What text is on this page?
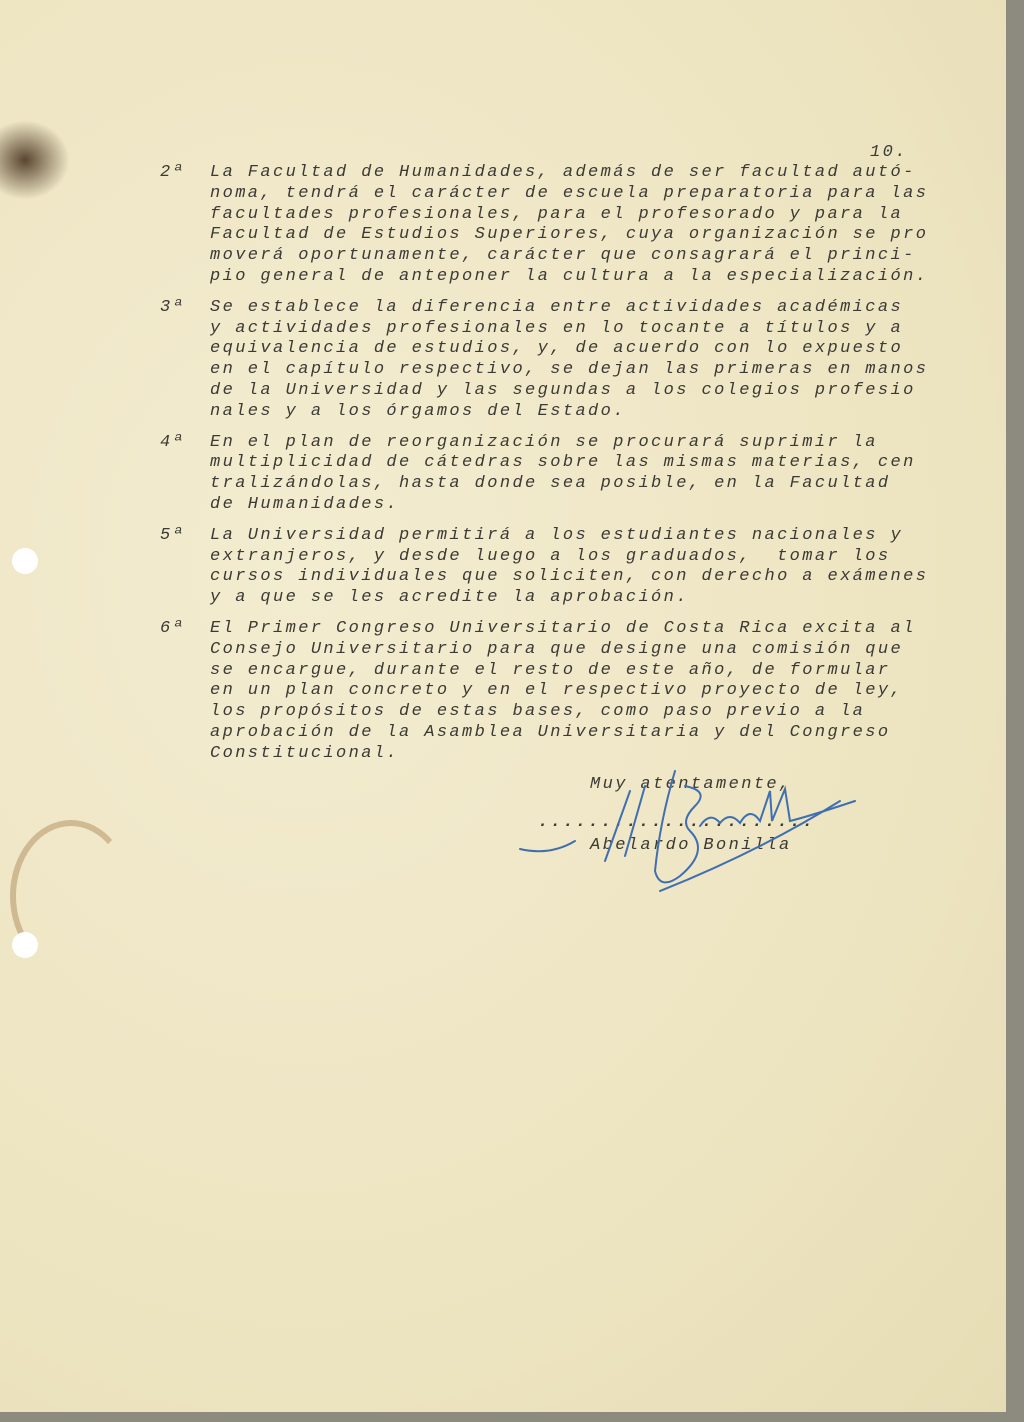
10.
2ª	La Facultad de Humanidades, además de ser facultad autó-
noma, tendrá el carácter de escuela preparatoria para las
facultades profesionales, para el profesorado y para la
Facultad de Estudios Superiores, cuya organización se pro
moverá oportunamente, carácter que consagrará el princi-
pio general de anteponer la cultura a la especialización.
3ª	Se establece la diferencia entre actividades académicas
y actividades profesionales en lo tocante a títulos y a
equivalencia de estudios, y, de acuerdo con lo expuesto
en el capítulo respectivo, se dejan las primeras en manos
de la Universidad y las segundas a los colegios profesio
nales y a los órgamos del Estado.
4ª	En el plan de reorganización se procurará suprimir la
multiplicidad de cátedras sobre las mismas materias, cen
tralizándolas, hasta donde sea posible, en la Facultad
de Humanidades.
5ª	La Universidad permitirá a los estudiantes nacionales y
extranjeros, y desde luego a los graduados,  tomar los
cursos individuales que soliciten, con derecho a exámenes
y a que se les acredite la aprobación.
6ª	El Primer Congreso Universitario de Costa Rica excita al
Consejo Universitario para que designe una comisión que
se encargue, durante el resto de este año, de formular
en un plan concreto y en el respectivo proyecto de ley,
los propósitos de estas bases, como paso previo a la
aprobación de la Asamblea Universitaria y del Congreso
Constitucional.
Muy atentamente,
......................
Abelardo Bonilla
